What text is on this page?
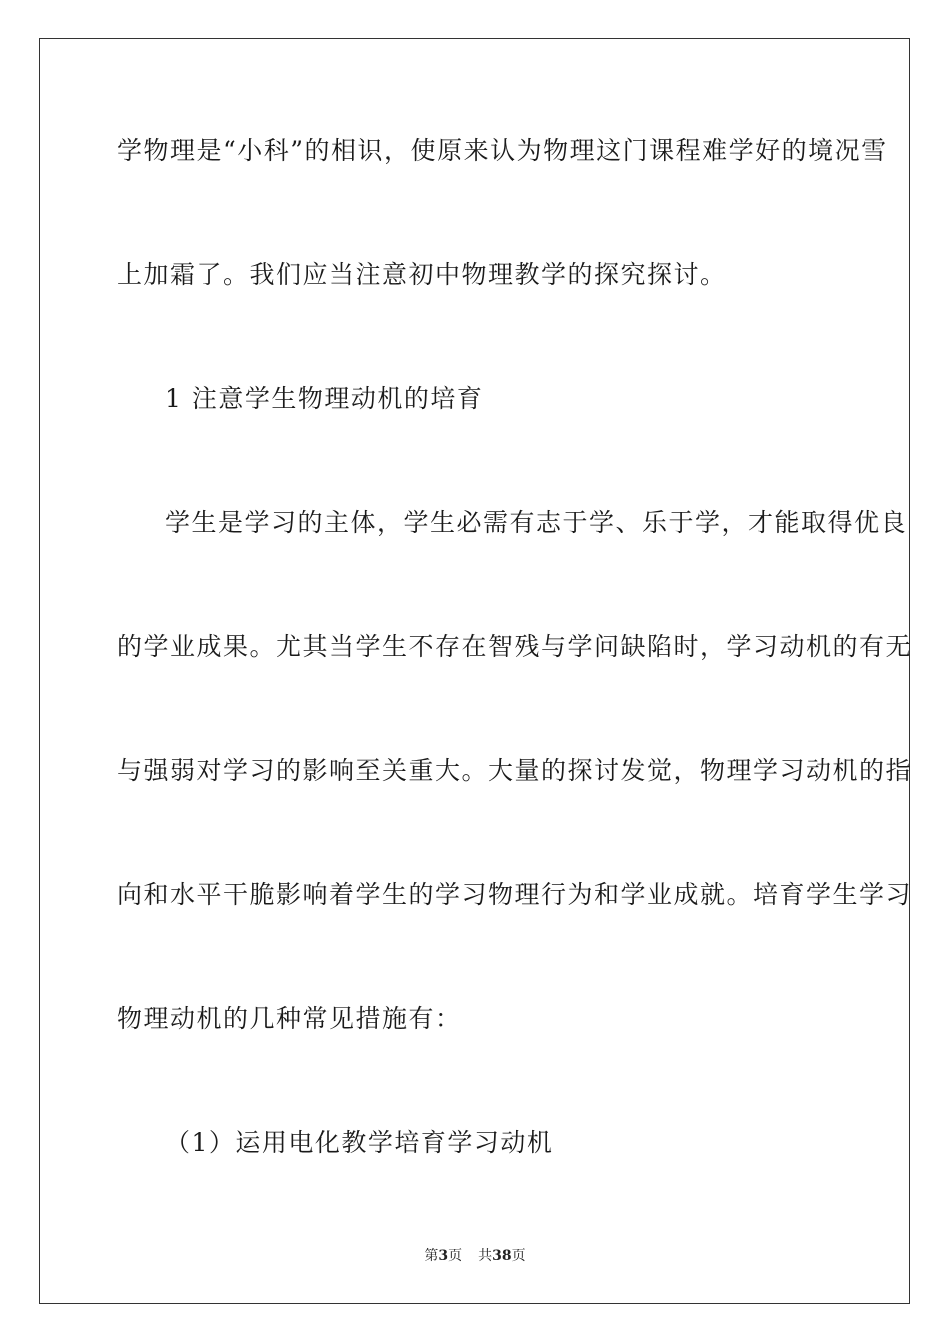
学物理是“小科”的相识，使原来认为物理这门课程难学好的境况雪
上加霜了。我们应当注意初中物理教学的探究探讨。
1 注意学生物理动机的培育
学生是学习的主体，学生必需有志于学、乐于学，才能取得优良
的学业成果。尤其当学生不存在智残与学问缺陷时，学习动机的有无
与强弱对学习的影响至关重大。大量的探讨发觉，物理学习动机的指
向和水平干脆影响着学生的学习物理行为和学业成就。培育学生学习
物理动机的几种常见措施有：
（1）运用电化教学培育学习动机
第3页 共38页
